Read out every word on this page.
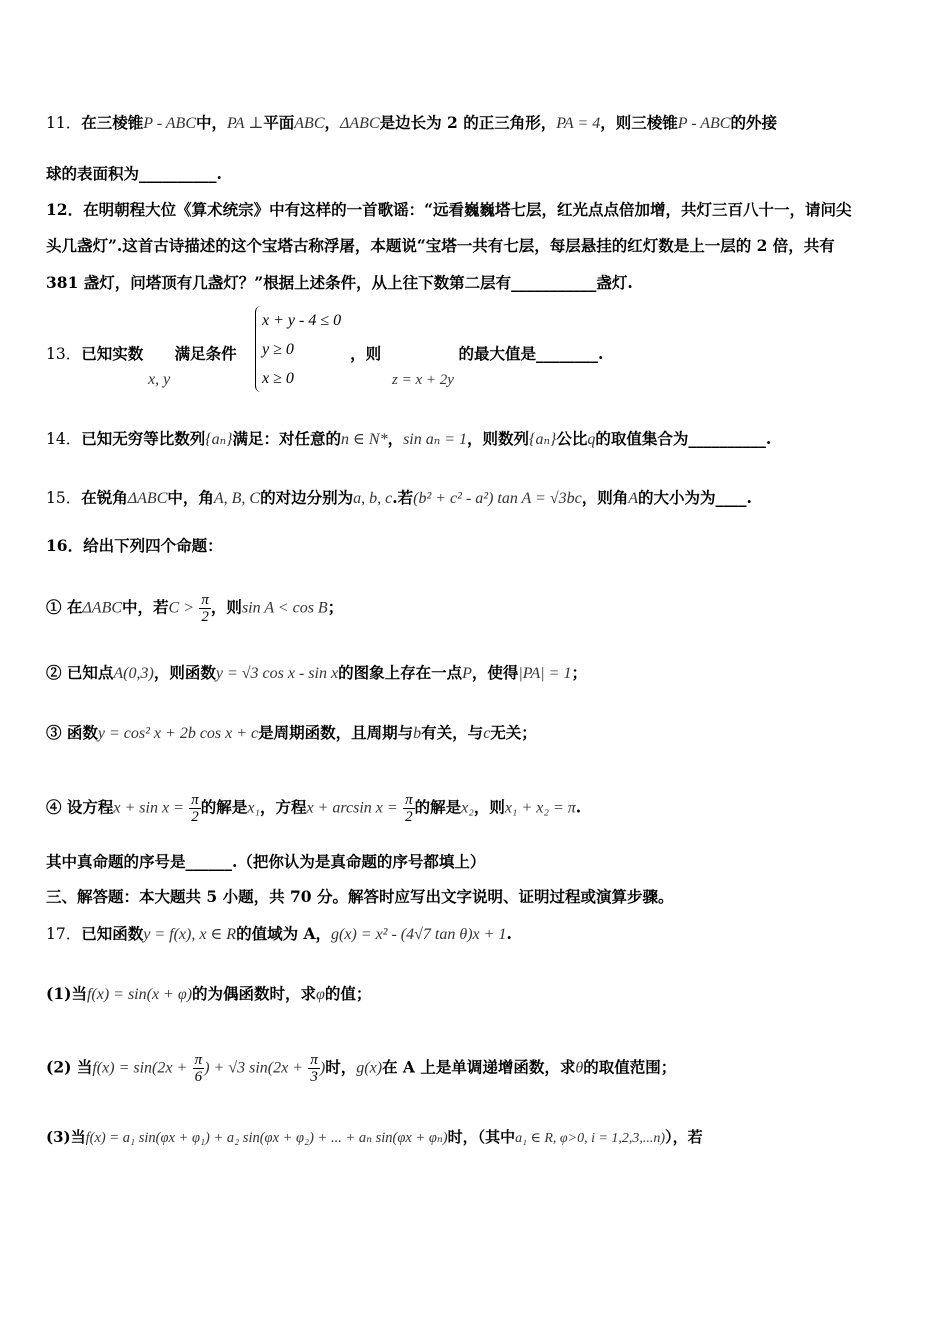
11．在三棱锥P - ABC中，PA ⊥平面ABC，ΔABC是边长为 2 的正三角形，PA = 4，则三棱锥P - ABC的外接
球的表面积为__________.
12．在明朝程大位《算术统宗》中有这样的一首歌谣：“远看巍巍塔七层，红光点点倍加增，共灯三百八十一，请问尖
头几盏灯”.这首古诗描述的这个宝塔古称浮屠，本题说“宝塔一共有七层，每层悬挂的红灯数是上一层的 2 倍，共有
381 盏灯，问塔顶有几盏灯？”根据上述条件，从上往下数第二层有___________盏灯.
13．已知实数 满足条件	，则	的最大值是________.
x, y
x + y - 4 ≤ 0
y ≥ 0
x ≥ 0	z = x + 2y
14．已知无穷等比数列{aₙ}满足：对任意的n ∈ N*，sin aₙ = 1，则数列{aₙ}公比q的取值集合为__________.
15．在锐角ΔABC中，角A, B, C的对边分别为a, b, c.若(b² + c² - a²) tan A = √3bc，则角A的大小为为____.
16．给出下列四个命题：
① 在ΔABC中，若$C > \frac{\pi}{2}$ ，则sin A < cos B；
② 已知点A(0,3)，则函数y = √3 cos x - sin x的图象上存在一点P，使得|PA| = 1；
③ 函数y = cos² x + 2b cos x + c是周期函数，且周期与b有关，与c无关；
④ 设方程$x + \sin x = \frac{\pi}{2}$ 的解是x₁，方程$x + \arcsin x = \frac{\pi}{2}$ 的解是x₂，则x₁ + x₂ = π.
其中真命题的序号是______.（把你认为是真命题的序号都填上）
三、解答题：本大题共 5 小题，共 70 分。解答时应写出文字说明、证明过程或演算步骤。
17．已知函数y = f(x), x ∈ R的值域为 A，g(x) = x² - (4√7 tan θ)x + 1.
(1)当f(x) = sin(x + φ)的为偶函数时，求φ的值；
(2) 当$f(x) = \sin(2x + \frac{\pi}{6}$ ) + √3 $\sin(2x + \frac{\pi}{3}$ )时，g(x)在 A 上是单调递增函数，求θ的取值范围；
(3)当f(x) = a₁ sin(φx + φ₁) + a₂ sin(φx + φ₂) + ... + aₙ sin(φx + φₙ)时，（其中a₁ ∈ R, φ>0, i = 1,2,3,...n)），若
